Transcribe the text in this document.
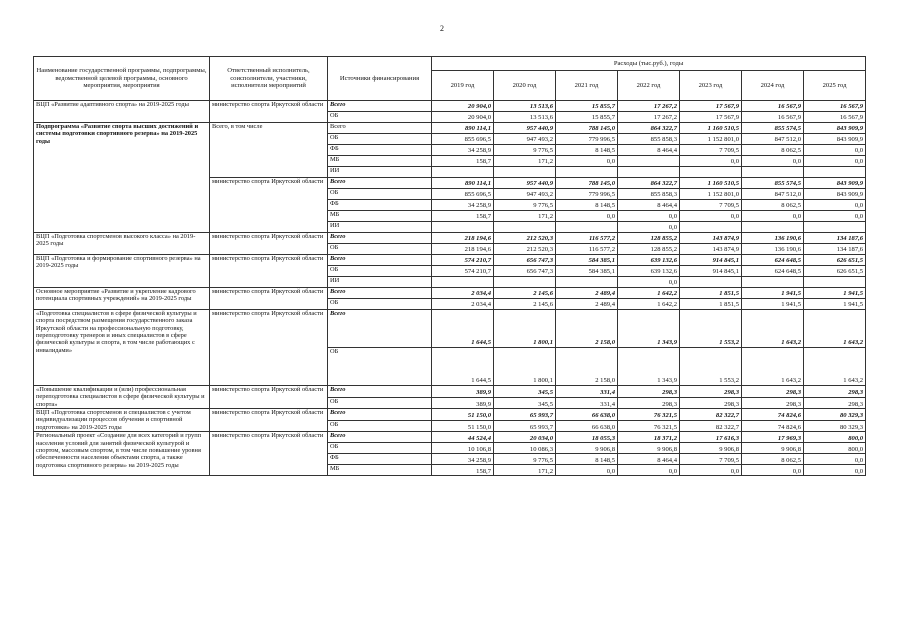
2
Наименование государственной программы, подпрограммы, ведомственной целевой программы, основного мероприятия, мероприятия	Ответственный исполнитель, соисполнители, участники, исполнители мероприятий	Источники финансирования	Расходы (тыс.руб.), годы						
			2019 год	2020 год	2021 год	2022 год	2023 год	2024 год	2025 год
ВЦП «Развитие адаптивного спорта» на 2019-2025 годы	министерство спорта Иркутской области	Всего	20 904,0	13 513,6	15 855,7	17 267,2	17 567,9	16 567,9	16 567,9
		ОБ	20 904,0	13 513,6	15 855,7	17 267,2	17 567,9	16 567,9	16 567,9
Подпрограмма «Развитие спорта высших достижений и системы подготовки спортивного резерва» на 2019-2025 годы	Всего, в том числе	Всего	890 114,1	957 440,9	788 145,0	864 322,7	1 160 510,5	855 574,5	843 909,9
		ОБ	855 696,5	947 493,2	779 996,5	855 858,3	1 152 801,0	847 512,0	843 909,9
		ФБ	34 258,9	9 776,5	8 148,5	8 464,4	7 709,5	8 062,5	0,0
		МБ	158,7	171,2	0,0		0,0	0,0	0,0
		ИИ							
	министерство спорта Иркутской области	Всего	890 114,1	957 440,9	788 145,0	864 322,7	1 160 510,5	855 574,5	843 909,9
		ОБ	855 696,5	947 493,2	779 996,5	855 858,3	1 152 801,0	847 512,0	843 909,9
		ФБ	34 258,9	9 776,5	8 148,5	8 464,4	7 709,5	8 062,5	0,0
		МБ	158,7	171,2	0,0	0,0	0,0	0,0	0,0
		ИИ				0,0			
ВЦП «Подготовка спортсменов высокого класса» на 2019-2025 годы	министерство спорта Иркутской области	Всего	218 194,6	212 520,3	116 577,2	128 855,2	143 874,9	136 190,6	134 187,6
		ОБ	218 194,6	212 520,3	116 577,2	128 855,2	143 874,9	136 190,6	134 187,6
ВЦП «Подготовка и формирование спортивного резерва» на 2019-2025 годы	министерство спорта Иркутской области	Всего	574 210,7	656 747,3	584 385,1	639 132,6	914 845,1	624 648,5	626 651,5
		ОБ	574 210,7	656 747,3	584 385,1	639 132,6	914 845,1	624 648,5	626 651,5
		ИИ				0,0			
Основное мероприятие «Развитие и укрепление кадрового потенциала спортивных учреждений» на 2019-2025 годы	министерство спорта Иркутской области	Всего	2 034,4	2 145,6	2 489,4	1 642,2	1 851,5	1 941,5	1 941,5
		ОБ	2 034,4	2 145,6	2 489,4	1 642,2	1 851,5	1 941,5	1 941,5
«Подготовка специалистов в сфере физической культуры и спорта посредством размещения государственного заказа Иркутской области на профессиональную подготовку, переподготовку тренеров и иных специалистов в сфере физической культуры и спорта, в том числе работающих с инвалидами»	министерство спорта Иркутской области	Всего	1 644,5	1 800,1	2 158,0	1 343,9	1 553,2	1 643,2	1 643,2
		ОБ	1 644,5	1 800,1	2 158,0	1 343,9	1 553,2	1 643,2	1 643,2
«Повышение квалификации и (или) профессиональная переподготовка специалистов в сфере физической культуры и спорта»	министерство спорта Иркутской области	Всего	389,9	345,5	331,4	298,3	298,3	298,3	298,3
		ОБ	389,9	345,5	331,4	298,3	298,3	298,3	298,3
ВЦП «Подготовка спортсменов и специалистов с учетом индивидуализации процессов обучения и спортивной подготовки» на 2019-2025 годы	министерство спорта Иркутской области	Всего	51 150,0	65 993,7	66 638,0	76 321,5	82 322,7	74 824,6	80 329,3
		ОБ	51 150,0	65 993,7	66 638,0	76 321,5	82 322,7	74 824,6	80 329,3
Региональный проект «Создание для всех категорий и групп населения условий для занятий физической культурой и спортом, массовым спортом, в том числе повышение уровня обеспеченности населения объектами спорта, а также подготовка спортивного резерва» на 2019-2025 годы	министерство спорта Иркутской области	Всего	44 524,4	20 034,0	18 055,3	18 371,2	17 616,3	17 969,3	800,0
		ОБ	10 106,8	10 086,3	9 906,8	9 906,8	9 906,8	9 906,8	800,0
		ФБ	34 258,9	9 776,5	8 148,5	8 464,4	7 709,5	8 062,5	0,0
		МБ	158,7	171,2	0,0	0,0	0,0	0,0	0,0
